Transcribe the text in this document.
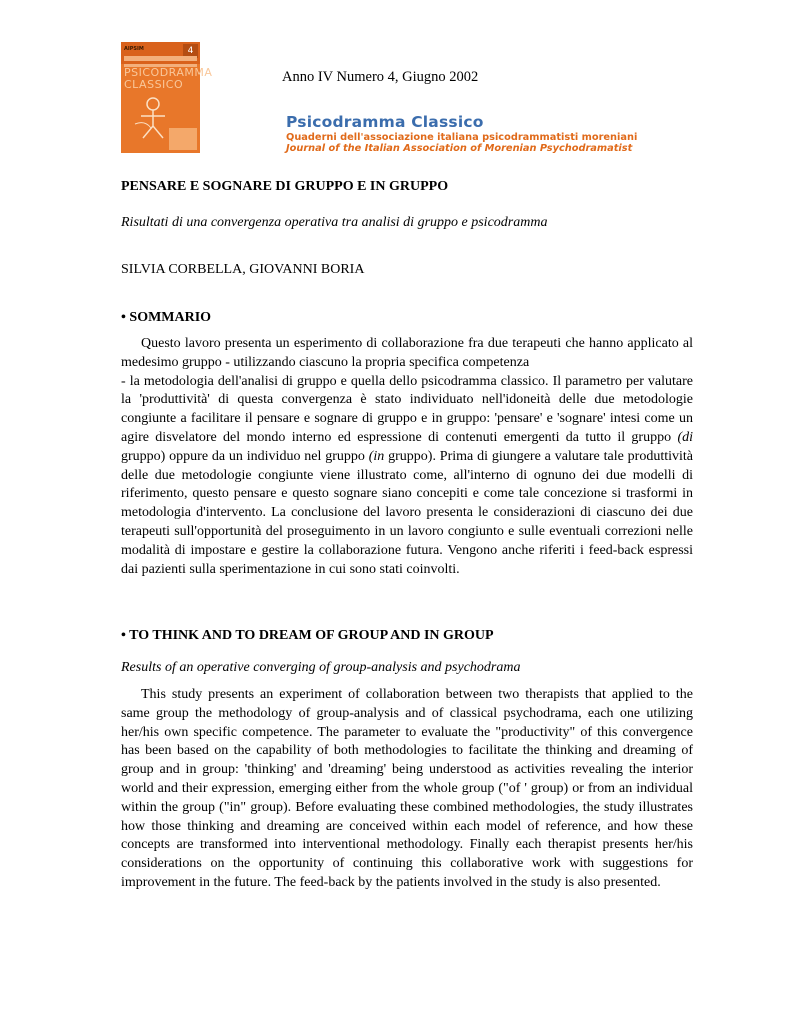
AIPSIM	4
PSICODRAMMA
CLASSICO	Anno IV Numero 4, Giugno 2002
Psicodramma Classico
Quaderni dell'associazione italiana psicodrammatisti moreniani
Journal of the Italian Association of Morenian Psychodramatist
PENSARE E SOGNARE DI GRUPPO E IN GRUPPO
Risultati di una convergenza operativa tra analisi di gruppo e psicodramma
SILVIA CORBELLA, GIOVANNI BORIA
• SOMMARIO

Questo lavoro presenta un esperimento di collaborazione fra due terapeuti che hanno applicato al medesimo gruppo - utilizzando ciascuno la propria specifica competenza

- la metodologia dell'analisi di gruppo e quella dello psicodramma classico. Il parametro per valutare la 'produttività' di questa convergenza è stato individuato nell'idoneità delle due metodologie congiunte a facilitare il pensare e sognare di gruppo e in gruppo: 'pensare' e 'sognare' intesi come un agire disvelatore del mondo interno ed espressione di contenuti emergenti da tutto il gruppo (di gruppo) oppure da un individuo nel gruppo (in gruppo). Prima di giungere a valutare tale produttività delle due metodologie congiunte viene illustrato come, all'interno di ognuno dei due modelli di riferimento, questo pensare e questo sognare siano concepiti e come tale concezione si trasformi in metodologia d'intervento. La conclusione del lavoro presenta le considerazioni di ciascuno dei due terapeuti sull'opportunità del proseguimento in un lavoro congiunto e sulle eventuali correzioni nelle modalità di impostare e gestire la collaborazione futura. Vengono anche riferiti i feed-back espressi dai pazienti sulla sperimentazione in cui sono stati coinvolti.

• TO THINK AND TO DREAM OF GROUP AND IN GROUP
Results of an operative converging of group-analysis and psychodrama

This study presents an experiment of collaboration between two therapists that applied to the same group the methodology of group-analysis and of classical psychodrama, each one utilizing her/his own specific competence. The parameter to evaluate the "productivity" of this convergence has been based on the capability of both methodologies to facilitate the thinking and dreaming of group and in group: 'thinking' and 'dreaming' being understood as activities revealing the interior world and their expression, emerging either from the whole group ("of ' group) or from an individual within the group ("in" group). Before evaluating these combined methodologies, the study illustrates how those thinking and dreaming are conceived within each model of reference, and how these concepts are transformed into interventional methodology. Finally each therapist presents her/his considerations on the opportunity of continuing this collaborative work with suggestions for improvement in the future. The feed-back by the patients involved in the study is also presented.
